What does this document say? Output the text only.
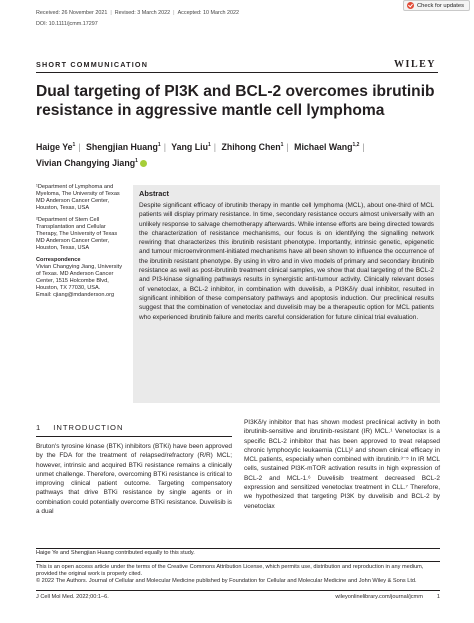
Received: 26 November 2021 | Revised: 3 March 2022 | Accepted: 10 March 2022
DOI: 10.1111/jcmm.17297
Check for updates
SHORT COMMUNICATION	WILEY
Dual targeting of PI3K and BCL-2 overcomes ibrutinib resistance in aggressive mantle cell lymphoma
Haige Ye$^1$ | Shengjian Huang$^1$ | Yang Liu$^1$ | Zhihong Chen$^1$ | Michael Wang$^{1,2}$ |
Vivian Changying Jiang$^1$

¹Department of Lymphoma and Myeloma, The University of Texas MD Anderson Cancer Center, Houston, Texas, USA

²Department of Stem Cell Transplantation and Cellular Therapy, The University of Texas MD Anderson Cancer Center, Houston, Texas, USA

Correspondence
Vivian Changying Jiang, University of Texas. MD Anderson Cancer Center, 1515 Holcombe Blvd, Houston, TX 77030, USA.
Email: cjiang@mdanderson.org

Abstract
Despite significant efficacy of ibrutinib therapy in mantle cell lymphoma (MCL), about one-third of MCL patients will display primary resistance. In time, secondary resistance occurs almost universally with an unlikely response to salvage chemotherapy afterwards. While intense efforts are being directed towards the characterization of resistance mechanisms, our focus is on identifying the signalling network rewiring that characterizes this ibrutinib resistant phenotype. Importantly, intrinsic genetic, epigenetic and tumour microenvironment-initiated mechanisms have all been shown to influence the occurrence of the ibrutinib resistant phenotype. By using in vitro and in vivo models of primary and secondary ibrutinib resistance as well as post-ibrutinib treatment clinical samples, we show that dual targeting of the BCL-2 and PI3-kinase signalling pathways results in synergistic anti-tumour activity. Clinically relevant doses of venetoclax, a BCL-2 inhibitor, in combination with duvelisib, a PI3Kδ/γ dual inhibitor, resulted in significant inhibition of these compensatory pathways and apoptosis induction. Our preclinical results suggest that the combination of venetoclax and duvelisib may be a therapeutic option for MCL patients who experienced ibrutinib failure and merits careful consideration for future clinical trial evaluation.
1 INTRODUCTION
Bruton's tyrosine kinase (BTK) inhibitors (BTKi) have been approved by the FDA for the treatment of relapsed/refractory (R/R) MCL; however, intrinsic and acquired BTKi resistance remains a clinically unmet challenge. Therefore, overcoming BTKi resistance is critical to improving clinical patient outcome. Targeting compensatory pathways that drive BTKi resistance by single agents or in combination could potentially overcome BTKi resistance. Duvelisib is a dual
PI3Kδ/γ inhibitor that has shown modest preclinical activity in both ibrutinib-sensitive and ibrutinib-resistant (IR) MCL.¹ Venetoclax is a specific BCL-2 inhibitor that has been approved to treat relapsed chronic lymphocytic leukaemia (CLL)² and shown clinical efficacy in MCL patients, especially when combined with ibrutinib.³⁻⁵ In IR MCL cells, sustained PI3K-mTOR activation results in high expression of BCL-2 and MCL-1.⁶ Duvelisib treatment decreased BCL-2 expression and sensitized venetoclax treatment in CLL.⁷ Therefore, we hypothesized that targeting PI3K by duvelisib and BCL-2 by venetoclax
Haige Ye and Shengjian Huang contributed equally to this study.

This is an open access article under the terms of the Creative Commons Attribution License, which permits use, distribution and reproduction in any medium, provided the original work is properly cited.

© 2022 The Authors. Journal of Cellular and Molecular Medicine published by Foundation for Cellular and Molecular Medicine and John Wiley & Sons Ltd.

J Cell Mol Med. 2022;00:1–6.	wileyonlinelibrary.com/journal/jcmm	1
